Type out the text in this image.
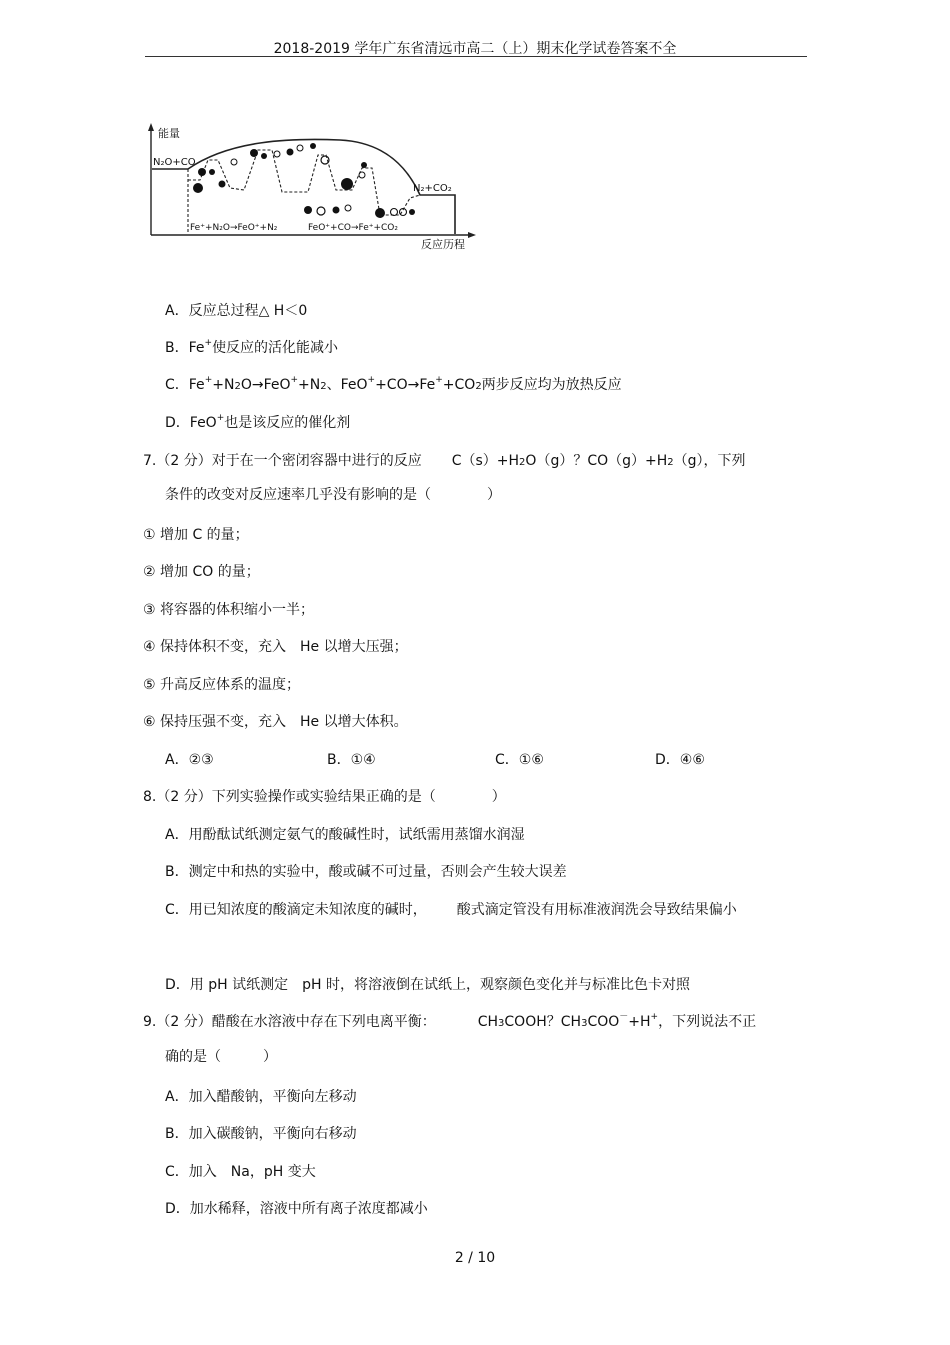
2018-2019 学年广东省清远市高二（上）期末化学试卷答案不全
能量
反应历程
N₂O+CO
N₂+CO₂
Fe⁺+N₂O→FeO⁺+N₂	FeO⁺+CO→Fe⁺+CO₂
A．反应总过程△ H＜0
B．Fe+使反应的活化能减小
C．Fe++N2O→FeO++N2、FeO++CO→Fe++CO2两步反应均为放热反应
D．FeO+也是该反应的催化剂
7.（2 分）对于在一个密闭容器中进行的反应 C（s）+H2O（g）？CO（g）+H2（g），下列
条件的改变对反应速率几乎没有影响的是（　　　　）
① 增加 C 的量；
② 增加 CO 的量；
③ 将容器的体积缩小一半；
④ 保持体积不变，充入　He 以增大压强；
⑤ 升高反应体系的温度；
⑥ 保持压强不变，充入　He 以增大体积。
A．②③	B．①④	C．①⑥	D．④⑥
8.（2 分）下列实验操作或实验结果正确的是（　　　　）
A．用酚酞试纸测定氨气的酸碱性时，试纸需用蒸馏水润湿
B．测定中和热的实验中，酸或碱不可过量，否则会产生较大误差
C．用已知浓度的酸滴定未知浓度的碱时， 酸式滴定管没有用标准液润洗会导致结果偏小
D．用 pH 试纸测定　pH 时，将溶液倒在试纸上，观察颜色变化并与标准比色卡对照
9.（2 分）醋酸在水溶液中存在下列电离平衡：	CH3COOH？CH3COO－+H+，下列说法不正
确的是（　　　）
A．加入醋酸钠，平衡向左移动
B．加入碳酸钠，平衡向右移动
C．加入　Na，pH 变大
D．加水稀释，溶液中所有离子浓度都减小
2 / 10
